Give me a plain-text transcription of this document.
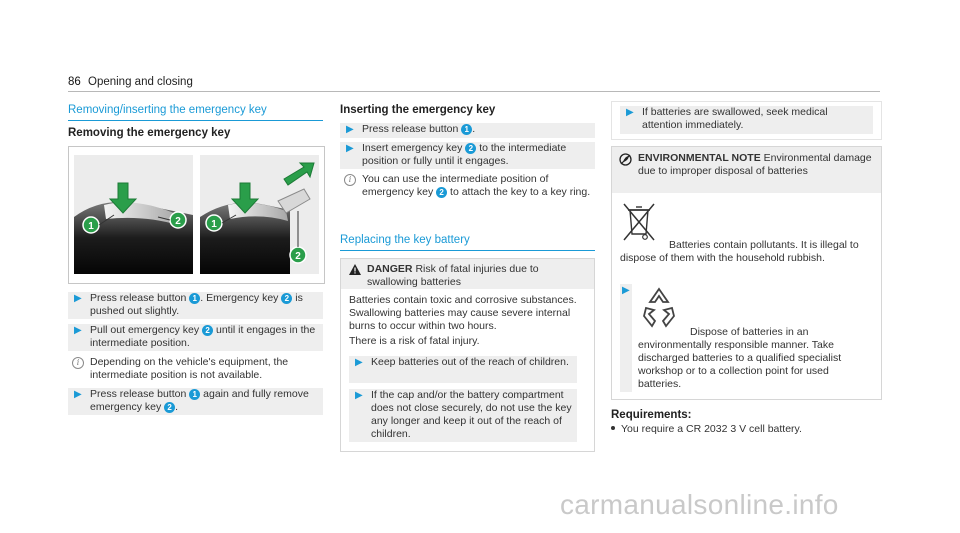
86 Opening and closing
Removing/inserting the emergency key
Removing the emergency key
1	2	1
2
▶ Press release button 1 . Emergency key 2 is pushed out slightly.
▶ Pull out emergency key 2 until it engages in the intermediate position.
i	Depending on the vehicle's equipment, the intermediate position is not available.
▶ Press release button 1 again and fully remove emergency key 2 .
Inserting the emergency key
▶ Press release button 1 .
▶ Insert emergency key 2 to the intermediate position or fully until it engages.
i	You can use the intermediate position of emergency key 2 to attach the key to a key ring.
Replacing the key battery
DANGER Risk of fatal injuries due to swallowing batteries
Batteries contain toxic and corrosive substances. Swallowing batteries may cause severe internal burns to occur within two hours.
There is a risk of fatal injury.
▶ Keep batteries out of the reach of children.
▶ If the cap and/or the battery compartment does not close securely, do not use the key any longer and keep it out of the reach of children.
▶ If batteries are swallowed, seek medical attention immediately.
ENVIRONMENTAL NOTE Environmental damage due to improper disposal of batteries
Batteries contain pollutants. It is illegal to dispose of them with the household rubbish.
▶
Dispose of batteries in an environmentally responsible manner. Take discharged batteries to a qualified specialist workshop or to a collection point for used batteries.
Requirements:
You require a CR 2032 3 V cell battery.
carmanualsonline.info
